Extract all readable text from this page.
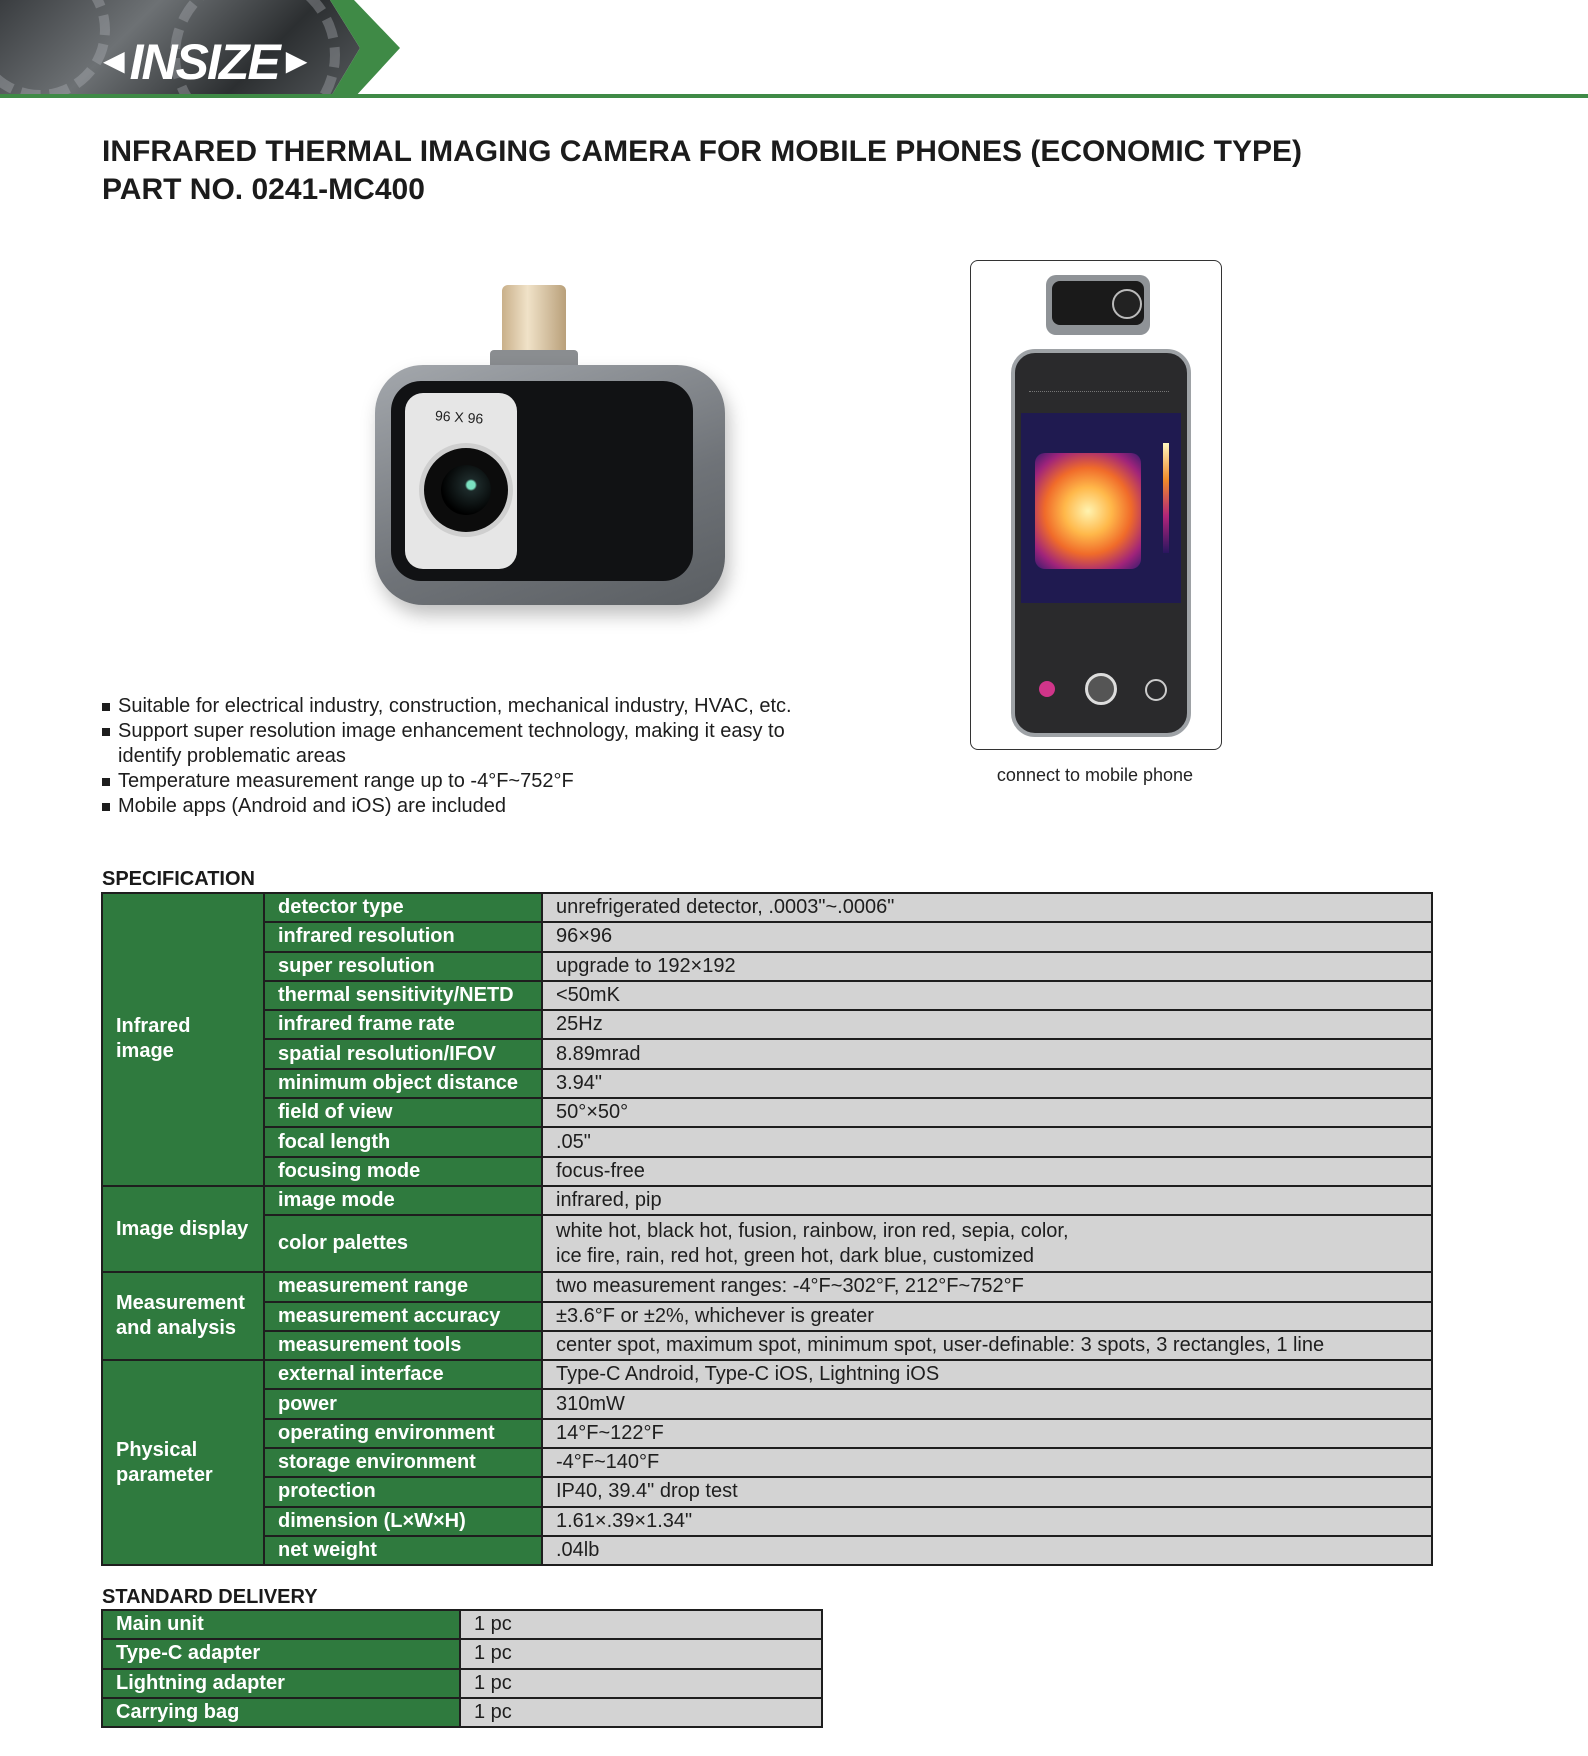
◄INSIZE►
INFRARED THERMAL IMAGING CAMERA FOR MOBILE PHONES (ECONOMIC TYPE)
PART NO. 0241-MC400
96 X 96
connect to mobile phone
Suitable for electrical industry, construction, mechanical industry, HVAC, etc.
Support super resolution image enhancement technology, making it easy to identify problematic areas
Temperature measurement range up to -4°F~752°F
Mobile apps (Android and iOS) are included
SPECIFICATION
Infrared image	detector type	unrefrigerated detector, .0003"~.0006"
	infrared resolution	96×96
	super resolution	upgrade to 192×192
	thermal sensitivity/NETD	<50mK
	infrared frame rate	25Hz
	spatial resolution/IFOV	8.89mrad
	minimum object distance	3.94"
	field of view	50°×50°
	focal length	.05"
	focusing mode	focus-free
Image display	image mode	infrared, pip
	color palettes	white hot, black hot, fusion, rainbow, iron red, sepia, color,
ice fire, rain, red hot, green hot, dark blue, customized

Measurement
and analysis	measurement range	two measurement ranges: -4°F~302°F, 212°F~752°F
	measurement accuracy	±3.6°F or ±2%, whichever is greater
	measurement tools	center spot, maximum spot, minimum spot, user-definable: 3 spots, 3 rectangles, 1 line

Physical
parameter	external interface	Type-C Android, Type-C iOS, Lightning iOS
	power	310mW
	operating environment	14°F~122°F
	storage environment	-4°F~140°F
	protection	IP40, 39.4" drop test
	dimension (L×W×H)	1.61×.39×1.34"
	net weight	.04lb
STANDARD DELIVERY
Main unit	1 pc
Type-C adapter	1 pc
Lightning adapter	1 pc
Carrying bag	1 pc
